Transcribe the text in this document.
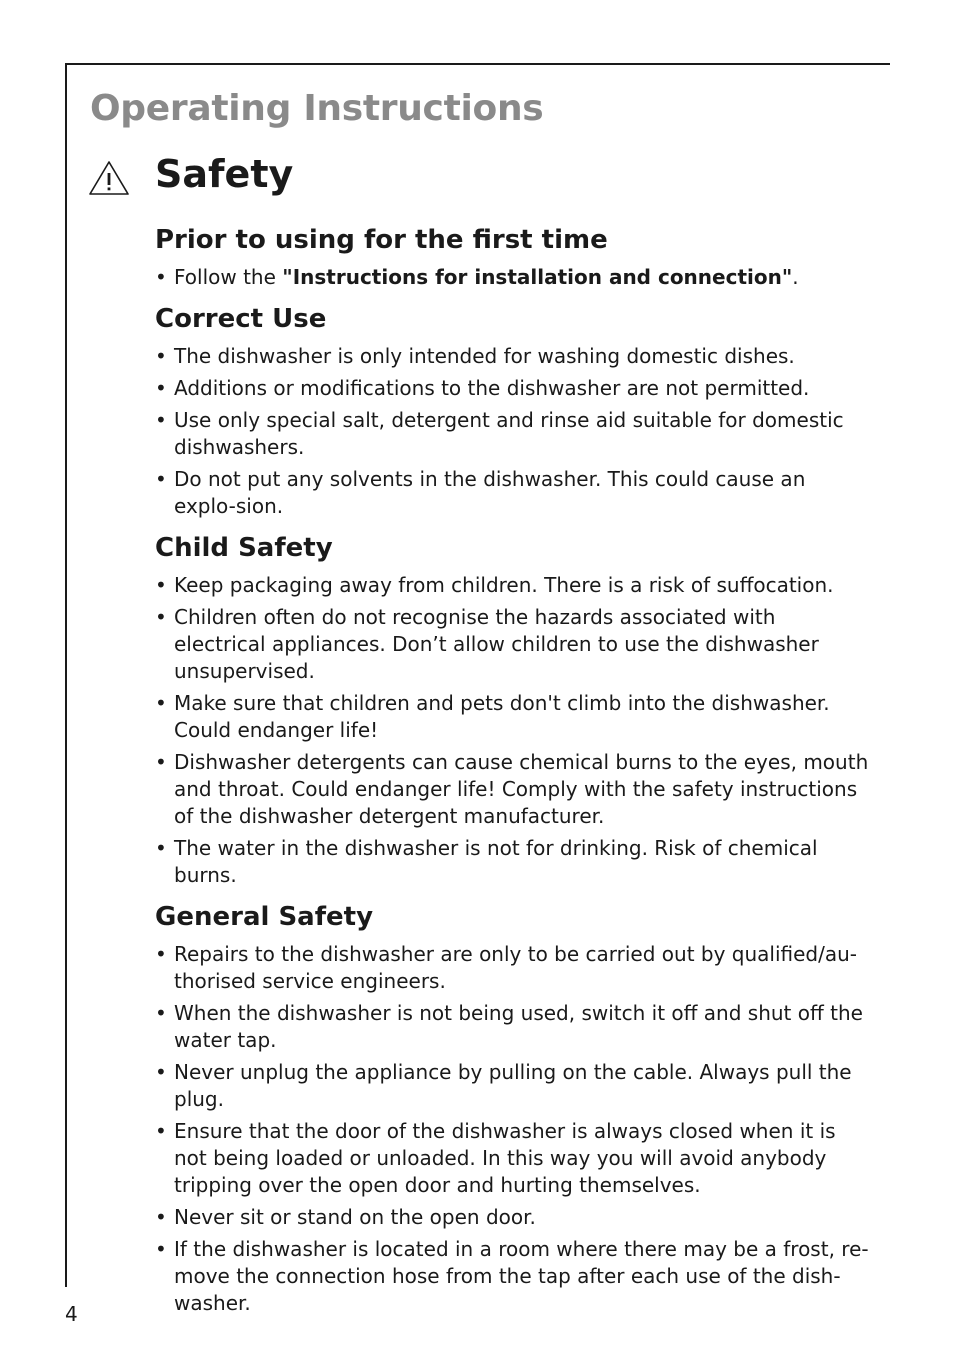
Operating Instructions
Safety
Prior to using for the first time
• Follow the "Instructions for installation and connection".
Correct Use
• The dishwasher is only intended for washing domestic dishes.
• Additions or modifications to the dishwasher are not permitted.
• Use only special salt, detergent and rinse aid suitable for domestic dishwashers.
• Do not put any solvents in the dishwasher. This could cause an explo-sion.
Child Safety
• Keep packaging away from children. There is a risk of suffocation.
• Children often do not recognise the hazards associated with electrical appliances. Don’t allow children to use the dishwasher unsupervised.
• Make sure that children and pets don't climb into the dishwasher. Could endanger life!
• Dishwasher detergents can cause chemical burns to the eyes, mouth and throat. Could endanger life! Comply with the safety instructions of the dishwasher detergent manufacturer.
• The water in the dishwasher is not for drinking. Risk of chemical burns.
General Safety
• Repairs to the dishwasher are only to be carried out by qualified/au-thorised service engineers.
• When the dishwasher is not being used, switch it off and shut off the water tap.
• Never unplug the appliance by pulling on the cable. Always pull the plug.
• Ensure that the door of the dishwasher is always closed when it is not being loaded or unloaded. In this way you will avoid anybody tripping over the open door and hurting themselves.
• Never sit or stand on the open door.
• If the dishwasher is located in a room where there may be a frost, re-move the connection hose from the tap after each use of the dish-washer.
4
